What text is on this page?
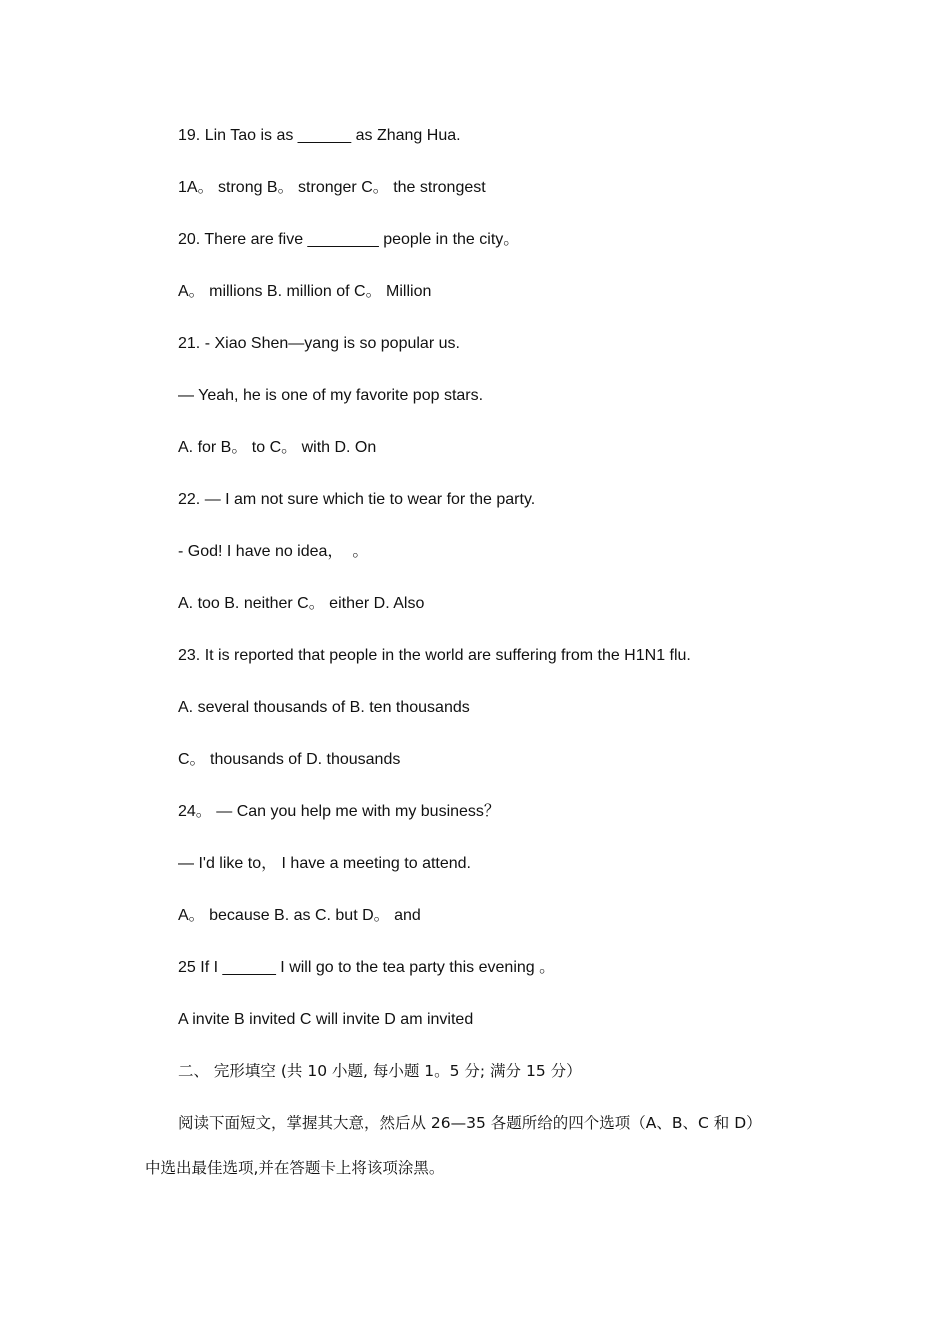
19. Lin Tao is as ______ as Zhang Hua.
1A。 strong B。 stronger C。 the strongest
20. There are five ________ people in the city。
A。 millions B. million of C。 Million
21. - Xiao Shen—yang is so popular us.
— Yeah, he is one of my favorite pop stars.
A. for B。 to C。 with D. On
22. — I am not sure which tie to wear for the party.
- God! I have no idea，  。
A. too B. neither C。 either D. Also
23. It is reported that people in the world are suffering from the H1N1 flu.
A. several thousands of B. ten thousands
C。 thousands of D. thousands
24。 — Can you help me with my business？
— I'd like to， I have a meeting to attend.
A。 because B. as C. but D。 and
25 If I ______ I will go to the tea party this evening 。
A invite B invited C will invite D am invited
二、 完形填空 (共 10 小题, 每小题 1。5 分; 满分 15 分）
阅读下面短文，掌握其大意，然后从 26—35 各题所给的四个选项（A、B、C 和 D）
中选出最佳选项,并在答题卡上将该项涂黑。
